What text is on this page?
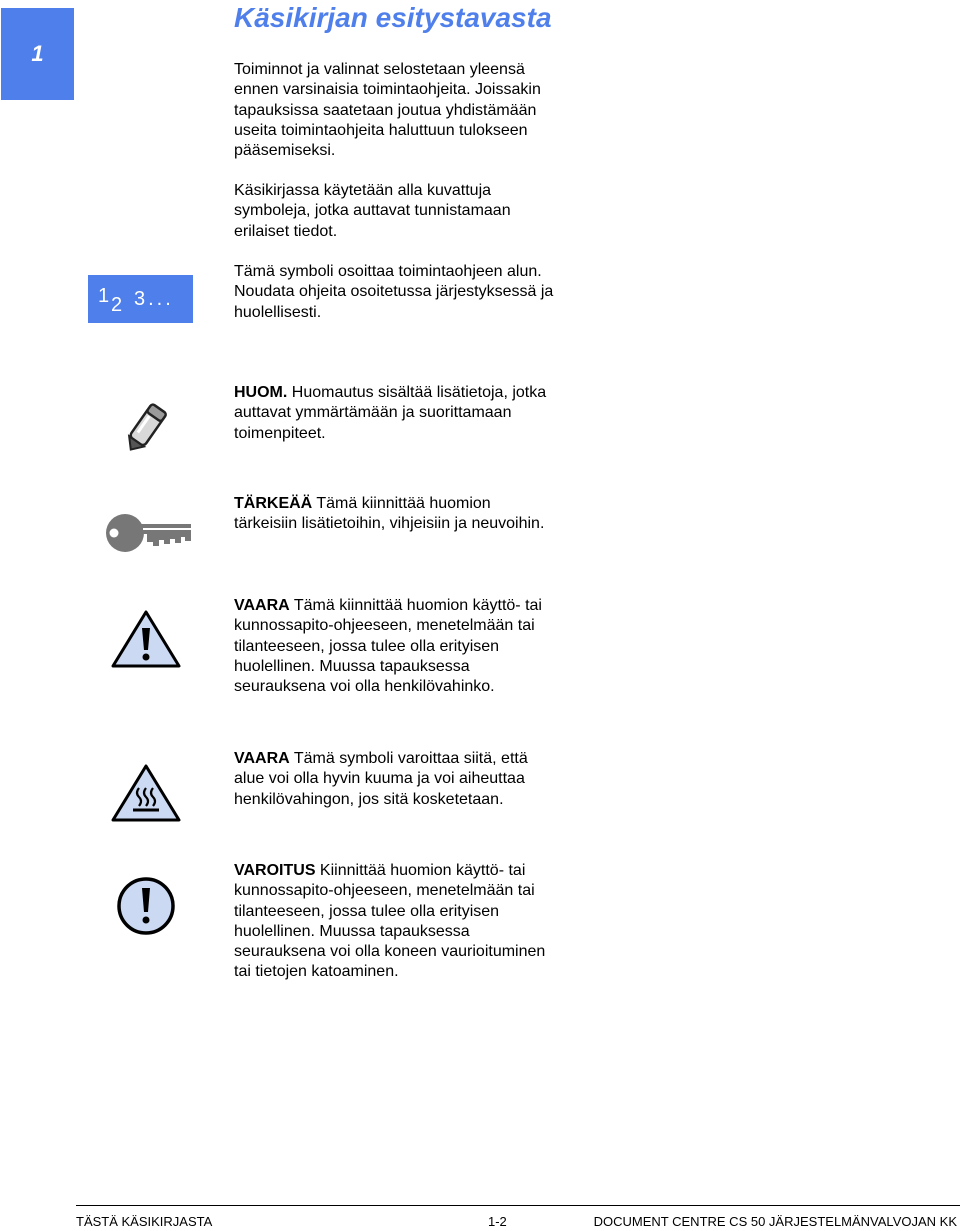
1
Käsikirjan esitystavasta

Toiminnot ja valinnat selostetaan yleensä
ennen varsinaisia toimintaohjeita. Joissakin
tapauksissa saatetaan joutua yhdistämään
useita toimintaohjeita haluttuun tulokseen
pääsemiseksi.

Käsikirjassa käytetään alla kuvattuja
symboleja, jotka auttavat tunnistamaan
erilaiset tiedot.

1 2 3...

Tämä symboli osoittaa toimintaohjeen alun.
Noudata ohjeita osoitetussa järjestyksessä ja
huolellisesti.

HUOM. Huomautus sisältää lisätietoja, jotka
auttavat ymmärtämään ja suorittamaan
toimenpiteet.

TÄRKEÄÄ Tämä kiinnittää huomion
tärkeisiin lisätietoihin, vihjeisiin ja neuvoihin.

VAARA Tämä kiinnittää huomion käyttö- tai
kunnossapito-ohjeeseen, menetelmään tai
tilanteeseen, jossa tulee olla erityisen
huolellinen. Muussa tapauksessa
seurauksena voi olla henkilövahinko.

VAARA Tämä symboli varoittaa siitä, että
alue voi olla hyvin kuuma ja voi aiheuttaa
henkilövahingon, jos sitä kosketetaan.

VAROITUS Kiinnittää huomion käyttö- tai
kunnossapito-ohjeeseen, menetelmään tai
tilanteeseen, jossa tulee olla erityisen
huolellinen. Muussa tapauksessa
seurauksena voi olla koneen vaurioituminen
tai tietojen katoaminen.

TÄSTÄ KÄSIKIRJASTA	1-2	DOCUMENT CENTRE CS 50 JÄRJESTELMÄNVALVOJAN KK
